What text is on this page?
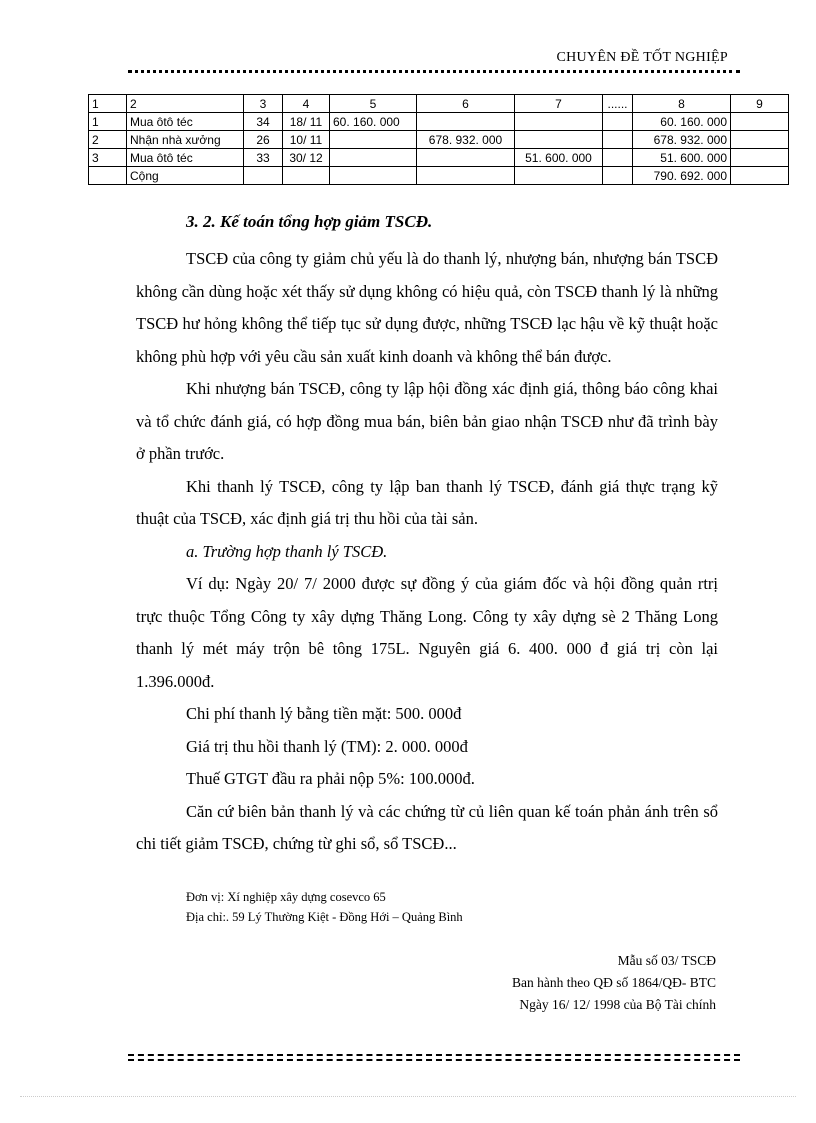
CHUYÊN ĐỀ TỐT NGHIỆP
1	2	3	4	5	6	7	......	8	9
1	Mua ôtô téc	34	18/ 11	60. 160. 000				60. 160. 000	
2	Nhận nhà xưởng	26	10/ 11		678. 932. 000			678. 932. 000	
3	Mua ôtô téc	33	30/ 12			51. 600. 000		51. 600. 000	
	Cộng							790. 692. 000	
3. 2. Kế toán tổng hợp giảm TSCĐ.

TSCĐ của công ty giảm chủ yếu là do thanh lý, nhượng bán, nhượng bán TSCĐ không cần dùng hoặc xét thấy sử dụng không có hiệu quả, còn TSCĐ thanh lý là những TSCĐ hư hỏng không thể tiếp tục sử dụng được, những TSCĐ lạc hậu về kỹ thuật hoặc không phù hợp với yêu cầu sản xuất kinh doanh và không thể bán được.

Khi nhượng bán TSCĐ, công ty lập hội đồng xác định giá, thông báo công khai và tổ chức đánh giá, có hợp đồng mua bán, biên bản giao nhận TSCĐ như đã trình bày ở phần trước.

Khi thanh lý TSCĐ, công ty lập ban thanh lý TSCĐ, đánh giá thực trạng kỹ thuật của TSCĐ, xác định giá trị thu hồi của tài sản.

a. Trường hợp thanh lý TSCĐ.

Ví dụ: Ngày 20/ 7/ 2000 được sự đồng ý của giám đốc và hội đồng quản rtrị trực thuộc Tổng Công ty xây dựng Thăng Long. Công ty xây dựng sè 2 Thăng Long thanh lý mét máy trộn bê tông 175L. Nguyên giá 6. 400. 000 đ giá trị còn lại 1.396.000đ.

Chi phí thanh lý bằng tiền mặt: 500. 000đ

Giá trị thu hồi thanh lý (TM): 2. 000. 000đ

Thuế GTGT đầu ra phải nộp 5%: 100.000đ.

Căn cứ biên bản thanh lý và các chứng từ củ liên quan kế toán phản ánh trên sổ chi tiết giảm TSCĐ, chứng từ ghi sổ, sổ TSCĐ...

Đơn vị: Xí nghiệp xây dựng cosevco 65
Địa chỉ:. 59 Lý Thường Kiệt - Đồng Hới – Quảng Bình
Mẫu số 03/ TSCĐ
Ban hành theo QĐ số 1864/QĐ- BTC
Ngày 16/ 12/ 1998 của Bộ Tài chính
